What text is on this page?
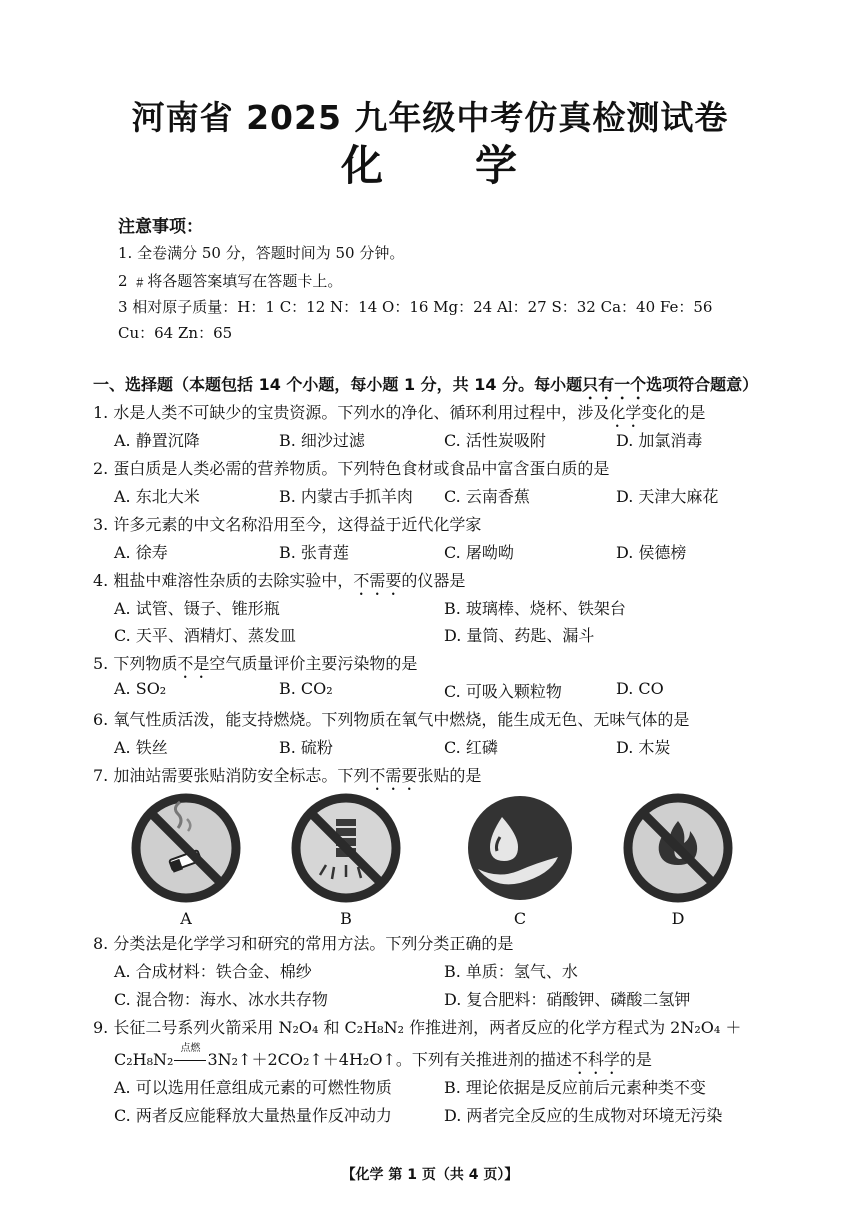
河南省 2025 九年级中考仿真检测试卷
化 学
注意事项：
1. 全卷满分 50 分，答题时间为 50 分钟。
2 ﹟将各题答案填写在答题卡上。
3 相对原子质量：H：1 C：12 N：14 O：16 Mg：24 Al：27 S：32 Ca：40 Fe：56
Cu：64 Zn：65
一、选择题（本题包括 14 个小题，每小题 1 分，共 14 分。每小题只有一个选项符合题意）
1. 水是人类不可缺少的宝贵资源。下列水的净化、循环利用过程中，涉及化学变化的是
A. 静置沉降	B. 细沙过滤	C. 活性炭吸附	D. 加氯消毒
2. 蛋白质是人类必需的营养物质。下列特色食材或食品中富含蛋白质的是
A. 东北大米	B. 内蒙古手抓羊肉 C. 云南香蕉	D. 天津大麻花
3. 许多元素的中文名称沿用至今，这得益于近代化学家
A. 徐寿	B. 张青莲	C. 屠呦呦	D. 侯德榜
4. 粗盐中难溶性杂质的去除实验中，不需要的仪器是
A. 试管、镊子、锥形瓶	B. 玻璃棒、烧杯、铁架台
C. 天平、酒精灯、蒸发皿	D. 量筒、药匙、漏斗
5. 下列物质不是空气质量评价主要污染物的是
A. SO₂	B. CO₂	C. 可吸入颗粒物	D. CO
6. 氧气性质活泼，能支持燃烧。下列物质在氧气中燃烧，能生成无色、无味气体的是
A. 铁丝	B. 硫粉	C. 红磷	D. 木炭
7. 加油站需要张贴消防安全标志。下列不需要张贴的是
A	B	C	D
8. 分类法是化学学习和研究的常用方法。下列分类正确的是
A. 合成材料：铁合金、棉纱	B. 单质：氢气、水
C. 混合物：海水、冰水共存物	D. 复合肥料：硝酸钾、磷酸二氢钾
9. 长征二号系列火箭采用 N₂O₄ 和 C₂H₈N₂ 作推进剂，两者反应的化学方程式为 2N₂O₄ ＋
C₂H₈N₂
点燃
3N₂↑＋2CO₂↑＋4H₂O↑。下列有关推进剂的描述不科学的是
A. 可以选用任意组成元素的可燃性物质	B. 理论依据是反应前后元素种类不变
C. 两者反应能释放大量热量作反冲动力	D. 两者完全反应的生成物对环境无污染
【化学 第 1 页（共 4 页）】
